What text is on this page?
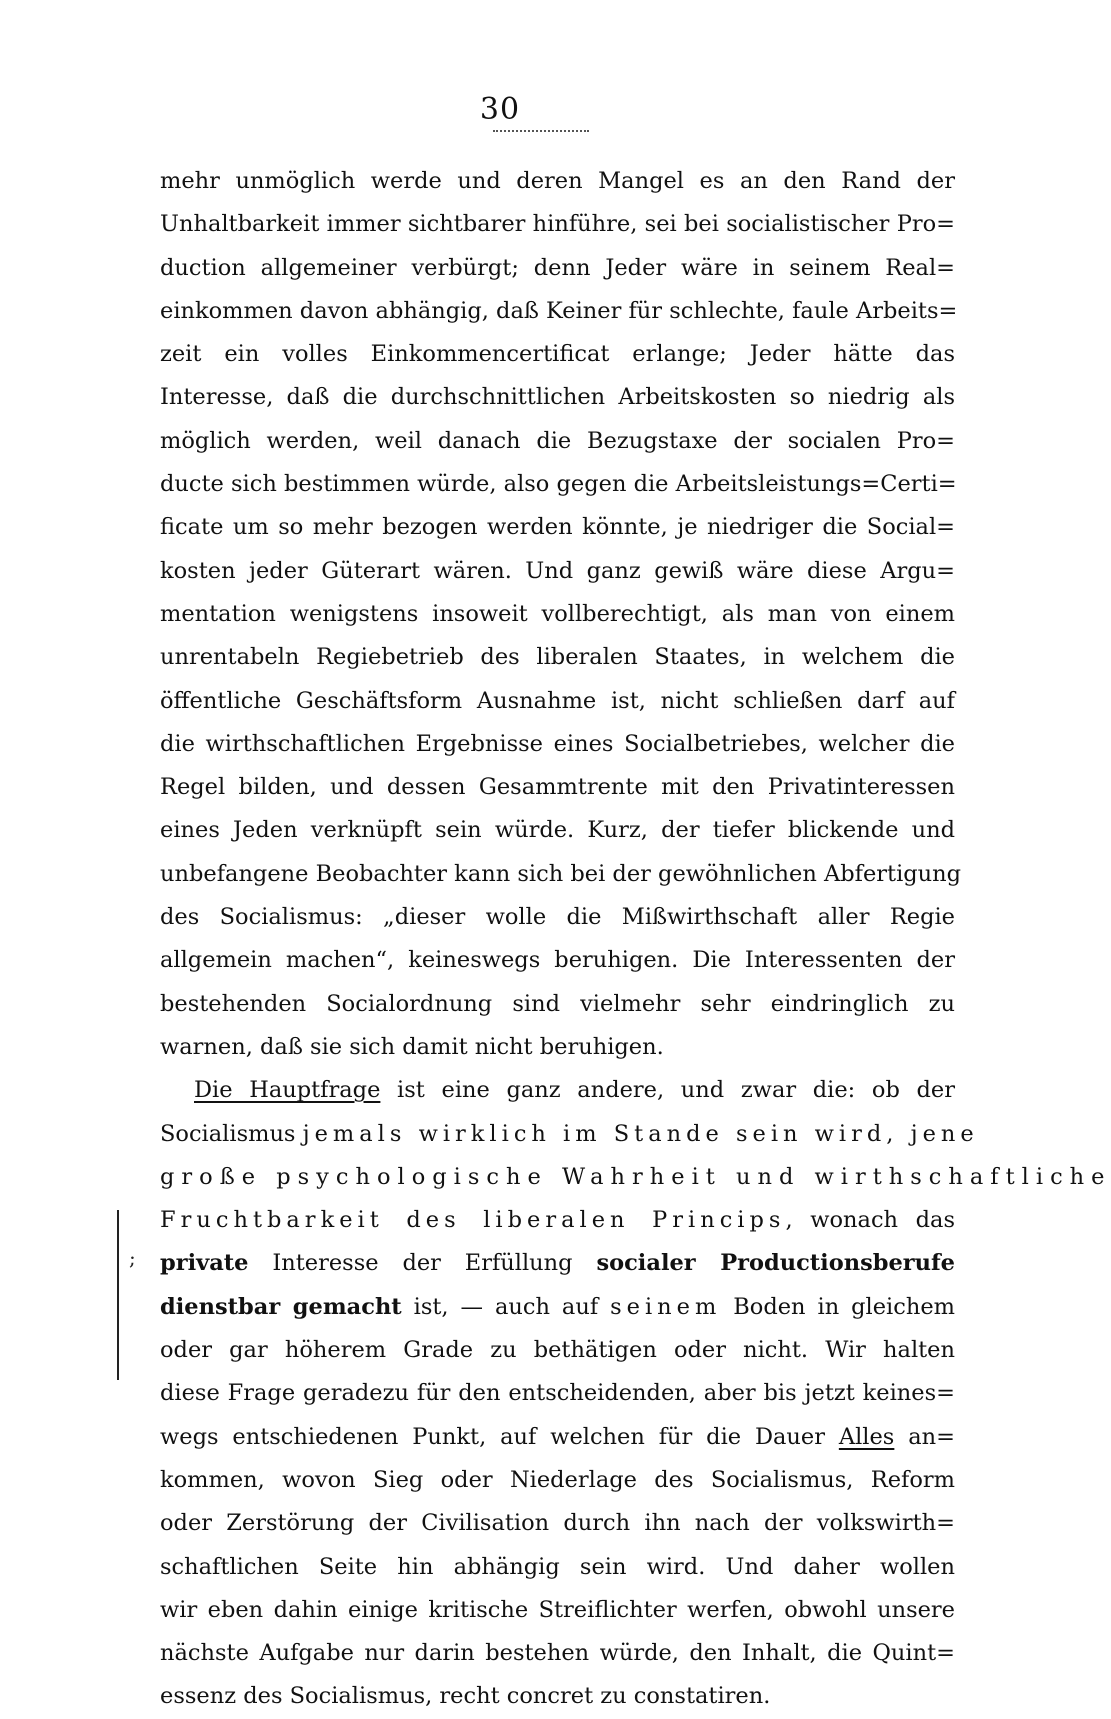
30
;
mehr unmöglich werde und deren Mangel es an den Rand der
Unhaltbarkeit immer sichtbarer hinführe, sei bei socialistischer Pro=
duction allgemeiner verbürgt; denn Jeder wäre in seinem Real=
einkommen davon abhängig, daß Keiner für schlechte, faule Arbeits=
zeit ein volles Einkommencertificat erlange; Jeder hätte das
Interesse, daß die durchschnittlichen Arbeitskosten so niedrig als
möglich werden, weil danach die Bezugstaxe der socialen Pro=
ducte sich bestimmen würde, also gegen die Arbeitsleistungs=Certi=
ficate um so mehr bezogen werden könnte, je niedriger die Social=
kosten jeder Güterart wären. Und ganz gewiß wäre diese Argu=
mentation wenigstens insoweit vollberechtigt, als man von einem
unrentabeln Regiebetrieb des liberalen Staates, in welchem die
öffentliche Geschäftsform Ausnahme ist, nicht schließen darf auf
die wirthschaftlichen Ergebnisse eines Socialbetriebes, welcher die
Regel bilden, und dessen Gesammtrente mit den Privatinteressen
eines Jeden verknüpft sein würde. Kurz, der tiefer blickende und
unbefangene Beobachter kann sich bei der gewöhnlichen Abfertigung
des Socialismus: „dieser wolle die Mißwirthschaft aller Regie
allgemein machen“, keineswegs beruhigen. Die Interessenten der
bestehenden Socialordnung sind vielmehr sehr eindringlich zu
warnen, daß sie sich damit nicht beruhigen.
Die Hauptfrage ist eine ganz andere, und zwar die: ob der
Socialismus jemals wirklich im Stande sein wird, jene
große psychologische Wahrheit und wirthschaftliche
Fruchtbarkeit des liberalen Princips, wonach das
private Interesse der Erfüllung socialer Productionsberufe
dienstbar gemacht ist, — auch auf seinem Boden in gleichem
oder gar höherem Grade zu bethätigen oder nicht. Wir halten
diese Frage geradezu für den entscheidenden, aber bis jetzt keines=
wegs entschiedenen Punkt, auf welchen für die Dauer Alles an=
kommen, wovon Sieg oder Niederlage des Socialismus, Reform
oder Zerstörung der Civilisation durch ihn nach der volkswirth=
schaftlichen Seite hin abhängig sein wird. Und daher wollen
wir eben dahin einige kritische Streiflichter werfen, obwohl unsere
nächste Aufgabe nur darin bestehen würde, den Inhalt, die Quint=
essenz des Socialismus, recht concret zu constatiren.
